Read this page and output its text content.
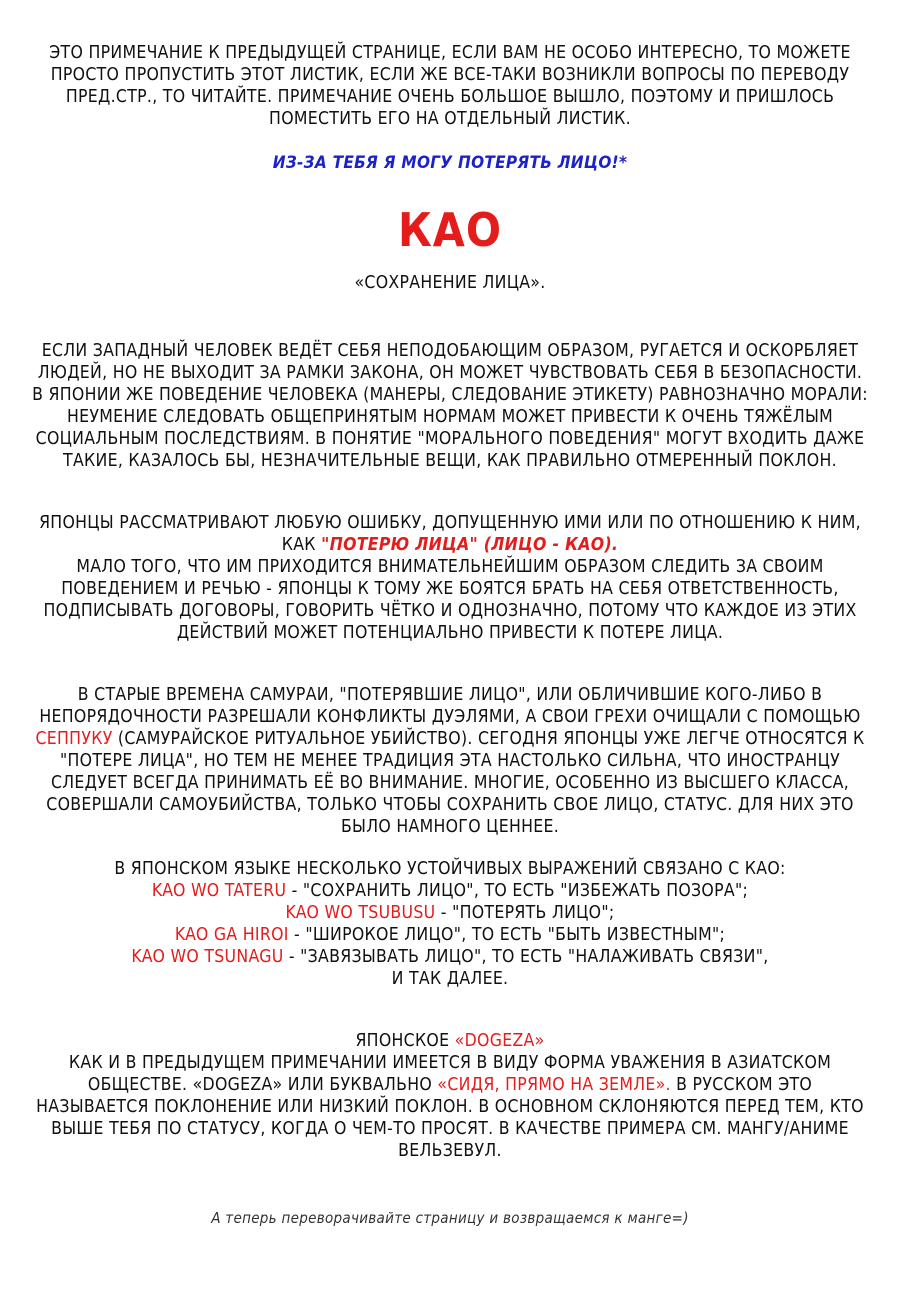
ЭТО ПРИМЕЧАНИЕ К ПРЕДЫДУЩЕЙ СТРАНИЦЕ, ЕСЛИ ВАМ НЕ ОСОБО ИНТЕРЕСНО, ТО МОЖЕТЕ ПРОСТО ПРОПУСТИТЬ ЭТОТ ЛИСТИК, ЕСЛИ ЖЕ ВСЕ-ТАКИ ВОЗНИКЛИ ВОПРОСЫ ПО ПЕРЕВОДУ ПРЕД.СТР., ТО ЧИТАЙТЕ. ПРИМЕЧАНИЕ ОЧЕНЬ БОЛЬШОЕ ВЫШЛО, ПОЭТОМУ И ПРИШЛОСЬ ПОМЕСТИТЬ ЕГО НА ОТДЕЛЬНЫЙ ЛИСТИК.
ИЗ-ЗА ТЕБЯ Я МОГУ ПОТЕРЯТЬ ЛИЦО!*
КАО
«СОХРАНЕНИЕ ЛИЦА».
ЕСЛИ ЗАПАДНЫЙ ЧЕЛОВЕК ВЕДЁТ СЕБЯ НЕПОДОБАЮЩИМ ОБРАЗОМ, РУГАЕТСЯ И ОСКОРБЛЯЕТ ЛЮДЕЙ, НО НЕ ВЫХОДИТ ЗА РАМКИ ЗАКОНА, ОН МОЖЕТ ЧУВСТВОВАТЬ СЕБЯ В БЕЗОПАСНОСТИ. В ЯПОНИИ ЖЕ ПОВЕДЕНИЕ ЧЕЛОВЕКА (МАНЕРЫ, СЛЕДОВАНИЕ ЭТИКЕТУ) РАВНОЗНАЧНО МОРАЛИ: НЕУМЕНИЕ СЛЕДОВАТЬ ОБЩЕПРИНЯТЫМ НОРМАМ МОЖЕТ ПРИВЕСТИ К ОЧЕНЬ ТЯЖЁЛЫМ СОЦИАЛЬНЫМ ПОСЛЕДСТВИЯМ. В ПОНЯТИЕ "МОРАЛЬНОГО ПОВЕДЕНИЯ" МОГУТ ВХОДИТЬ ДАЖЕ ТАКИЕ, КАЗАЛОСЬ БЫ, НЕЗНАЧИТЕЛЬНЫЕ ВЕЩИ, КАК ПРАВИЛЬНО ОТМЕРЕННЫЙ ПОКЛОН.
ЯПОНЦЫ РАССМАТРИВАЮТ ЛЮБУЮ ОШИБКУ, ДОПУЩЕННУЮ ИМИ ИЛИ ПО ОТНОШЕНИЮ К НИМ, КАК "ПОТЕРЮ ЛИЦА" (ЛИЦО - КАО).
МАЛО ТОГО, ЧТО ИМ ПРИХОДИТСЯ ВНИМАТЕЛЬНЕЙШИМ ОБРАЗОМ СЛЕДИТЬ ЗА СВОИМ ПОВЕДЕНИЕМ И РЕЧЬЮ - ЯПОНЦЫ К ТОМУ ЖЕ БОЯТСЯ БРАТЬ НА СЕБЯ ОТВЕТСТВЕННОСТЬ, ПОДПИСЫВАТЬ ДОГОВОРЫ, ГОВОРИТЬ ЧЁТКО И ОДНОЗНАЧНО, ПОТОМУ ЧТО КАЖДОЕ ИЗ ЭТИХ ДЕЙСТВИЙ МОЖЕТ ПОТЕНЦИАЛЬНО ПРИВЕСТИ К ПОТЕРЕ ЛИЦА.
В СТАРЫЕ ВРЕМЕНА САМУРАИ, "ПОТЕРЯВШИЕ ЛИЦО", ИЛИ ОБЛИЧИВШИЕ КОГО-ЛИБО В НЕПОРЯДОЧНОСТИ РАЗРЕШАЛИ КОНФЛИКТЫ ДУЭЛЯМИ, А СВОИ ГРЕХИ ОЧИЩАЛИ С ПОМОЩЬЮ СЕППУКУ (САМУРАЙСКОЕ РИТУАЛЬНОЕ УБИЙСТВО). СЕГОДНЯ ЯПОНЦЫ УЖЕ ЛЕГЧЕ ОТНОСЯТСЯ К "ПОТЕРЕ ЛИЦА", НО ТЕМ НЕ МЕНЕЕ ТРАДИЦИЯ ЭТА НАСТОЛЬКО СИЛЬНА, ЧТО ИНОСТРАНЦУ СЛЕДУЕТ ВСЕГДА ПРИНИМАТЬ ЕЁ ВО ВНИМАНИЕ. МНОГИЕ, ОСОБЕННО ИЗ ВЫСШЕГО КЛАССА, СОВЕРШАЛИ САМОУБИЙСТВА, ТОЛЬКО ЧТОБЫ СОХРАНИТЬ СВОЕ ЛИЦО, СТАТУС. ДЛЯ НИХ ЭТО БЫЛО НАМНОГО ЦЕННЕЕ.
В ЯПОНСКОМ ЯЗЫКЕ НЕСКОЛЬКО УСТОЙЧИВЫХ ВЫРАЖЕНИЙ СВЯЗАНО С КАО:
KAO WO TATERU - "СОХРАНИТЬ ЛИЦО", ТО ЕСТЬ "ИЗБЕЖАТЬ ПОЗОРА";
KAO WO TSUBUSU - "ПОТЕРЯТЬ ЛИЦО";
KAO GA HIROI - "ШИРОКОЕ ЛИЦО", ТО ЕСТЬ "БЫТЬ ИЗВЕСТНЫМ";
KAO WO TSUNAGU - "ЗАВЯЗЫВАТЬ ЛИЦО", ТО ЕСТЬ "НАЛАЖИВАТЬ СВЯЗИ",
И ТАК ДАЛЕЕ.
ЯПОНСКОЕ «DOGEZA»
КАК И В ПРЕДЫДУЩЕМ ПРИМЕЧАНИИ ИМЕЕТСЯ В ВИДУ ФОРМА УВАЖЕНИЯ В АЗИАТСКОМ ОБЩЕСТВЕ. «DOGEZA» ИЛИ БУКВАЛЬНО «СИДЯ, ПРЯМО НА ЗЕМЛЕ». В РУССКОМ ЭТО НАЗЫВАЕТСЯ ПОКЛОНЕНИЕ ИЛИ НИЗКИЙ ПОКЛОН. В ОСНОВНОМ СКЛОНЯЮТСЯ ПЕРЕД ТЕМ, КТО ВЫШЕ ТЕБЯ ПО СТАТУСУ, КОГДА О ЧЕМ-ТО ПРОСЯТ. В КАЧЕСТВЕ ПРИМЕРА СМ. МАНГУ/АНИМЕ ВЕЛЬЗЕВУЛ.
А теперь переворачивайте страницу и возвращаемся к манге=)
